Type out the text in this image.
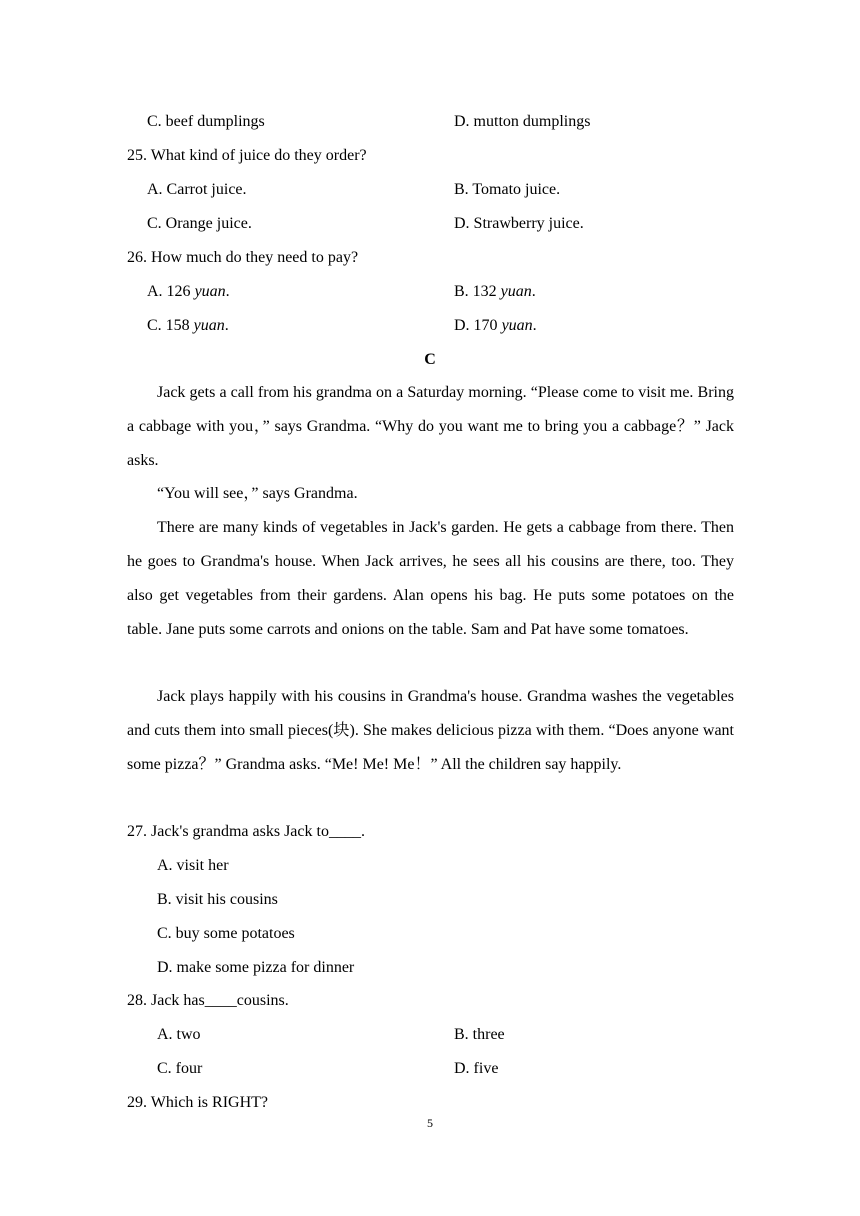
C. beef dumplings	D. mutton dumplings
25. What kind of juice do they order?
A. Carrot juice.	B. Tomato juice.
C. Orange juice.	D. Strawberry juice.
26. How much do they need to pay?
A. 126 yuan.	B. 132 yuan.
C. 158 yuan.	D. 170 yuan.
C
Jack gets a call from his grandma on a Saturday morning. “Please come to visit me. Bring a cabbage with you，” says Grandma. “Why do you want me to bring you a cabbage？” Jack asks.
“You will see，” says Grandma.
There are many kinds of vegetables in Jack's garden. He gets a cabbage from there. Then he goes to Grandma's house. When Jack arrives, he sees all his cousins are there, too. They also get vegetables from their gardens. Alan opens his bag. He puts some potatoes on the table. Jane puts some carrots and onions on the table. Sam and Pat have some tomatoes.
Jack plays happily with his cousins in Grandma's house. Grandma washes the vegetables and cuts them into small pieces(块). She makes delicious pizza with them. “Does anyone want some pizza？” Grandma asks. “Me! Me! Me！” All the children say happily.
27. Jack's grandma asks Jack to____.
A. visit her
B. visit his cousins
C. buy some potatoes
D. make some pizza for dinner
28. Jack has____cousins.
A. two	B. three
C. four	D. five
29. Which is RIGHT?
5
